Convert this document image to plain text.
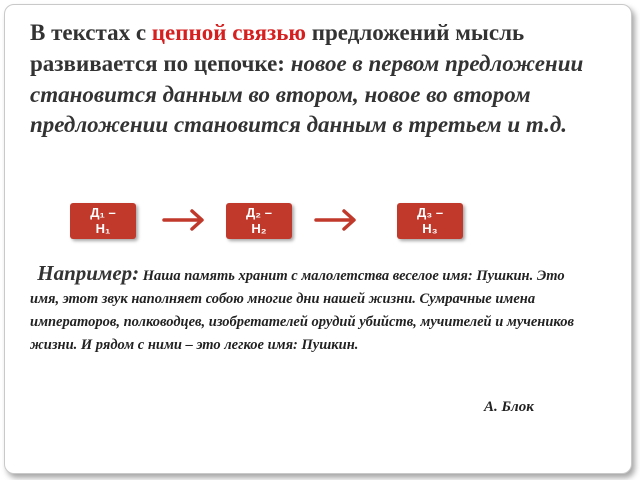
В текстах с цепной связью предложений мысль развивается по цепочке: новое в первом предложении становится данным во втором, новое во втором предложении становится данным в третьем и т.д.
Д₁ –
Н₁
Д₂ –
Н₂
Д₃ –
Н₃
Например: Наша память хранит с малолетства веселое имя: Пушкин. Это имя, этот звук наполняет собою многие дни нашей жизни. Сумрачные имена императоров, полководцев, изобретателей орудий убийств, мучителей и мучеников жизни. И рядом с ними – это легкое имя: Пушкин.
А. Блок
